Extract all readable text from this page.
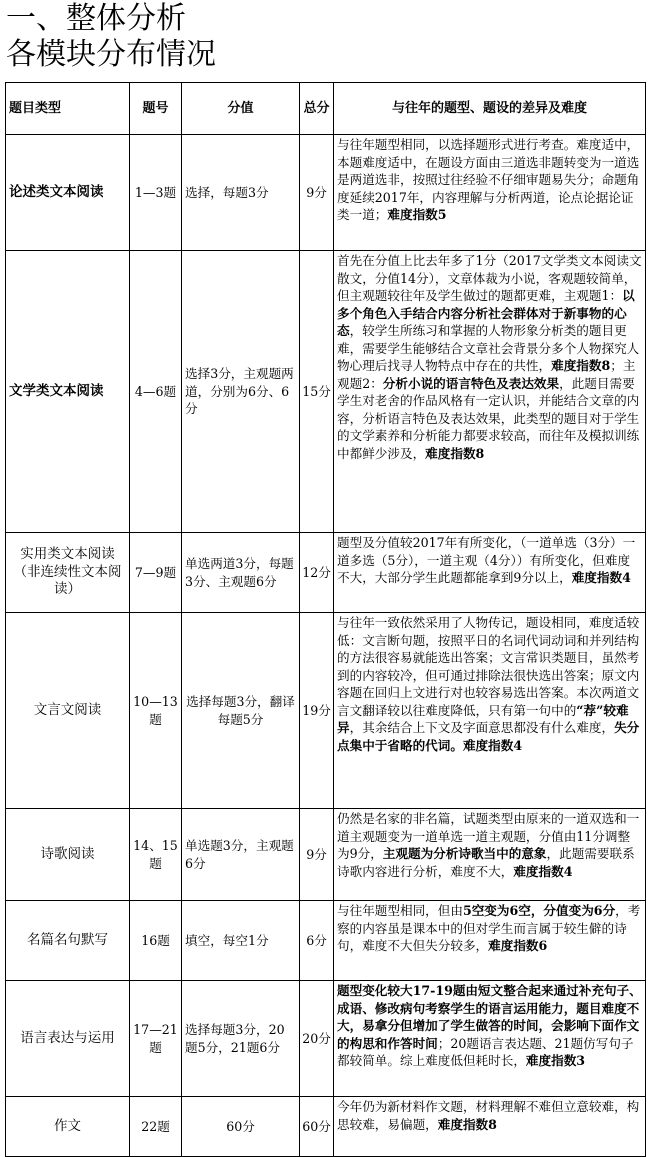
一、整体分析
各模块分布情况
题目类型	题号	分值	总分	与往年的题型、题设的差异及难度
论述类文本阅读	1—3题	选择，每题3分	9分	与往年题型相同，以选择题形式进行考查。难度适中，本题难度适中，在题设方面由三道选非题转变为一道选是两道选非，按照过往经验不仔细审题易失分；命题角度延续2017年，内容理解与分析两道，论点论据论证类一道；难度指数5
文学类文本阅读	4—6题	选择3分，主观题两道，分别为6分、6分	15分	首先在分值上比去年多了1分（2017文学类文本阅读文散文，分值14分），文章体裁为小说，客观题较简单，但主观题较往年及学生做过的题都更难，主观题1：以多个角色入手结合内容分析社会群体对于新事物的心态，较学生所练习和掌握的人物形象分析类的题目更难，需要学生能够结合文章社会背景分多个人物探究人物心理后找寻人物特点中存在的共性，难度指数8；主观题2：分析小说的语言特色及表达效果，此题目需要学生对老舍的作品风格有一定认识，并能结合文章的内容，分析语言特色及表达效果，此类型的题目对于学生的文学素养和分析能力都要求较高，而往年及模拟训练中都鲜少涉及，难度指数8
实用类文本阅读（非连续性文本阅读）	7—9题	单选两道3分，每题3分、主观题6分	12分	题型及分值较2017年有所变化，（一道单选（3分）一道多选（5分），一道主观（4分））有所变化，但难度不大，大部分学生此题都能拿到9分以上，难度指数4
文言文阅读	10—13题	选择每题3分，翻译每题5分	19分	与往年一致依然采用了人物传记，题设相同，难度适较低：文言断句题，按照平日的名词代词动词和并列结构的方法很容易就能选出答案；文言常识类题目，虽然考到的内容较冷，但可通过排除法很快选出答案；原文内容题在回归上文进行对也较容易选出答案。本次两道文言文翻译较以往难度降低，只有第一句中的“荐”较难异，其余结合上下文及字面意思都没有什么难度，失分点集中于省略的代词。难度指数4
诗歌阅读	14、15题	单选题3分，主观题6分	9分	仍然是名家的非名篇，试题类型由原来的一道双选和一道主观题变为一道单选一道主观题，分值由11分调整为9分，主观题为分析诗歌当中的意象，此题需要联系诗歌内容进行分析，难度不大，难度指数4
名篇名句默写	16题	填空，每空1分	6分	与往年题型相同，但由5空变为6空，分值变为6分，考察的内容虽是课本中的但对学生而言属于较生僻的诗句，难度不大但失分较多，难度指数6
语言表达与运用	17—21题	选择每题3分，20题5分，21题6分	20分	题型变化较大17-19题由短文整合起来通过补充句子、成语、修改病句考察学生的语言运用能力，题目难度不大，易拿分但增加了学生做答的时间，会影响下面作文的构思和作答时间；20题语言表达题、21题仿写句子都较简单。综上难度低但耗时长，难度指数3
作文	22题	60分	60分	今年仍为新材料作文题，材料理解不难但立意较难，构思较难，易偏题，难度指数8
